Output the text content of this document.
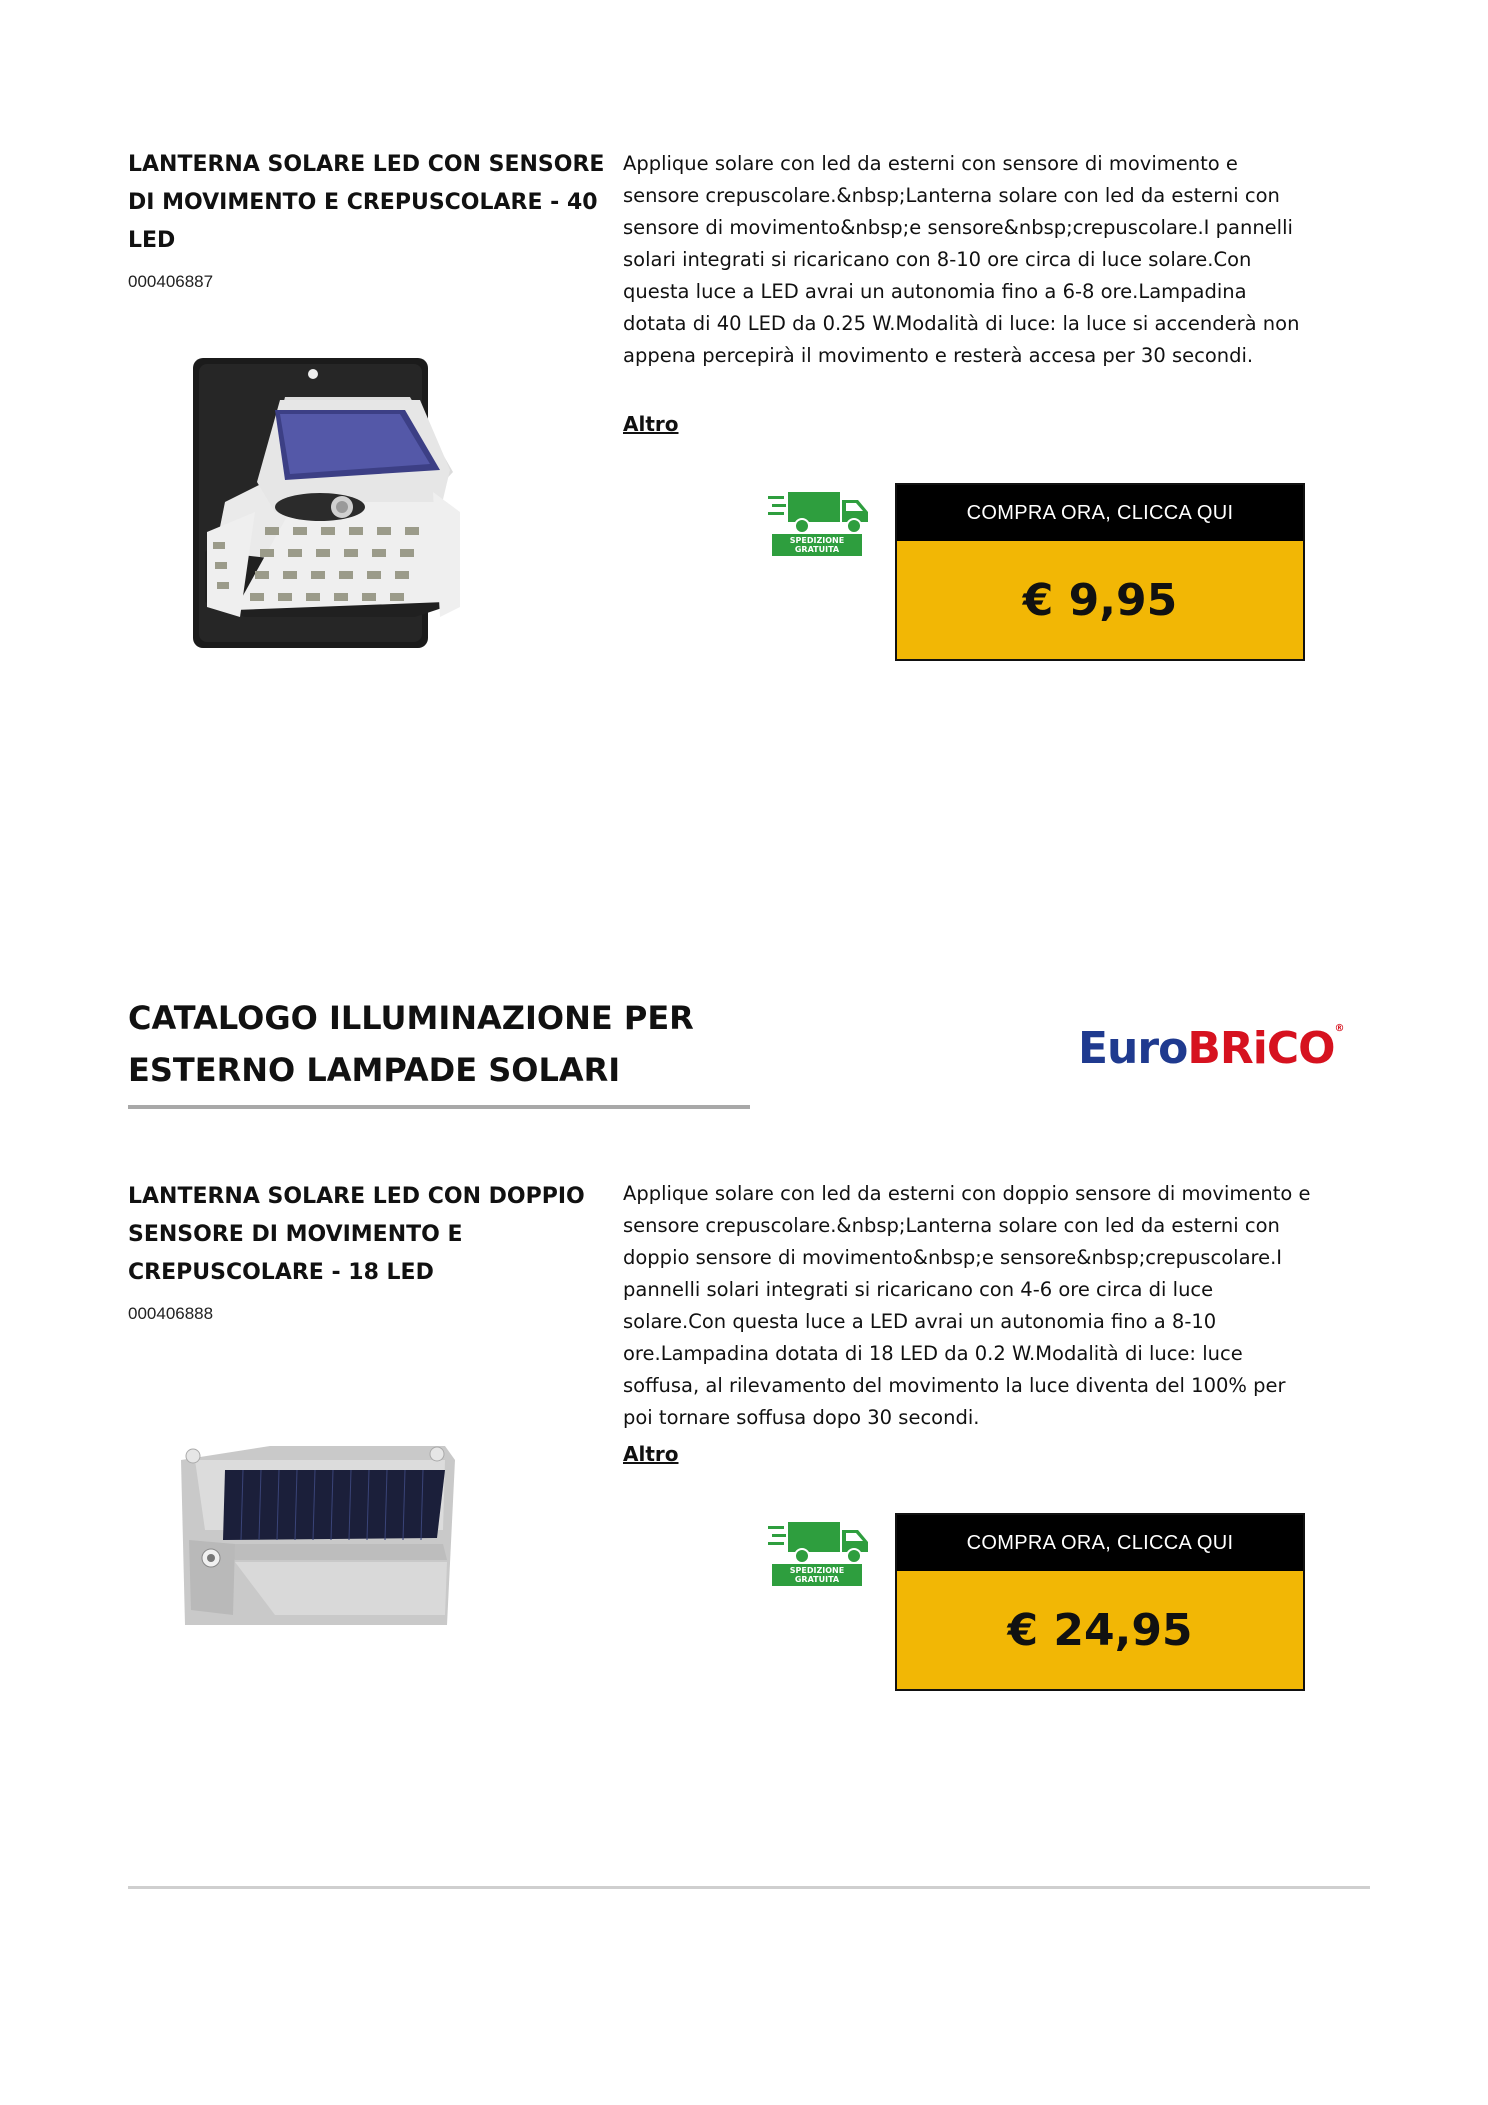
LANTERNA SOLARE LED CON SENSORE DI MOVIMENTO E CREPUSCOLARE - 40 LED
000406887
Applique solare con led da esterni con sensore di movimento e sensore crepuscolare.&nbsp;Lanterna solare con led da esterni con sensore di movimento&nbsp;e sensore&nbsp;crepuscolare.I pannelli solari integrati si ricaricano con 8-10 ore circa di luce solare.Con questa luce a LED avrai un autonomia fino a 6-8 ore.Lampadina dotata di 40 LED da 0.25 W.Modalità di luce: la luce si accenderà non appena percepirà il movimento e resterà accesa per 30 secondi.
Altro
SPEDIZIONE GRATUITA
COMPRA ORA, CLICCA QUI
€ 9,95
CATALOGO ILLUMINAZIONE PER ESTERNO LAMPADE SOLARI	EuroBRiCO®
LANTERNA SOLARE LED CON DOPPIO SENSORE DI MOVIMENTO E CREPUSCOLARE - 18 LED
000406888
Applique solare con led da esterni con doppio sensore di movimento e sensore crepuscolare.&nbsp;Lanterna solare con led da esterni con doppio sensore di movimento&nbsp;e sensore&nbsp;crepuscolare.I pannelli solari integrati si ricaricano con 4-6 ore circa di luce solare.Con questa luce a LED avrai un autonomia fino a 8-10 ore.Lampadina dotata di 18 LED da 0.2 W.Modalità di luce: luce soffusa, al rilevamento del movimento la luce diventa del 100% per poi tornare soffusa dopo 30 secondi.
Altro
SPEDIZIONE GRATUITA
COMPRA ORA, CLICCA QUI
€ 24,95
